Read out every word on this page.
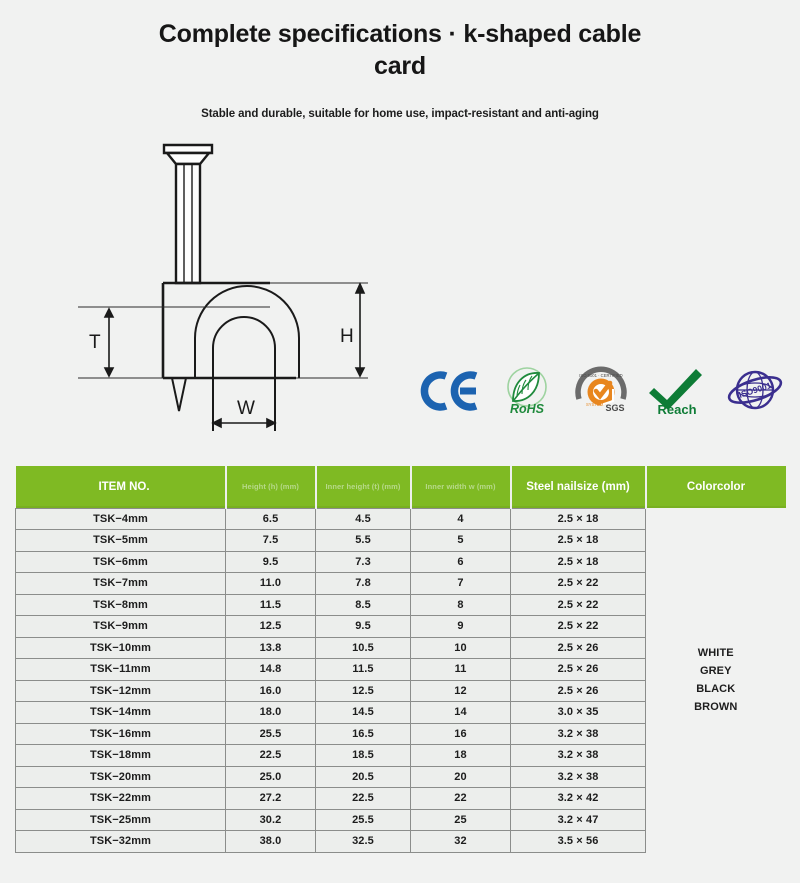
Complete specifications · k-shaped cable card
Stable and durable, suitable for home use, impact-resistant and anti-aging
T	H
W	RoHS
ISO 9001 · CERTIFIED
SYSTEM SGS	Reach
ISO9001
ITEM NO.	Height (h) (mm)	Inner height (t) (mm)	Inner width w (mm)	Steel nailsize (mm)	Colorcolor
TSK−4mm	6.5	4.5	4	2.5 × 18	WHITE
GREY
BLACK
BROWN

TSK−5mm	7.5	5.5	5	2.5 × 18	
TSK−6mm	9.5	7.3	6	2.5 × 18	
TSK−7mm	11.0	7.8	7	2.5 × 22	
TSK−8mm	11.5	8.5	8	2.5 × 22	
TSK−9mm	12.5	9.5	9	2.5 × 22	
TSK−10mm	13.8	10.5	10	2.5 × 26	
TSK−11mm	14.8	11.5	11	2.5 × 26	
TSK−12mm	16.0	12.5	12	2.5 × 26	
TSK−14mm	18.0	14.5	14	3.0 × 35	
TSK−16mm	25.5	16.5	16	3.2 × 38	
TSK−18mm	22.5	18.5	18	3.2 × 38	
TSK−20mm	25.0	20.5	20	3.2 × 38	
TSK−22mm	27.2	22.5	22	3.2 × 42	
TSK−25mm	30.2	25.5	25	3.2 × 47	
TSK−32mm	38.0	32.5	32	3.5 × 56	
